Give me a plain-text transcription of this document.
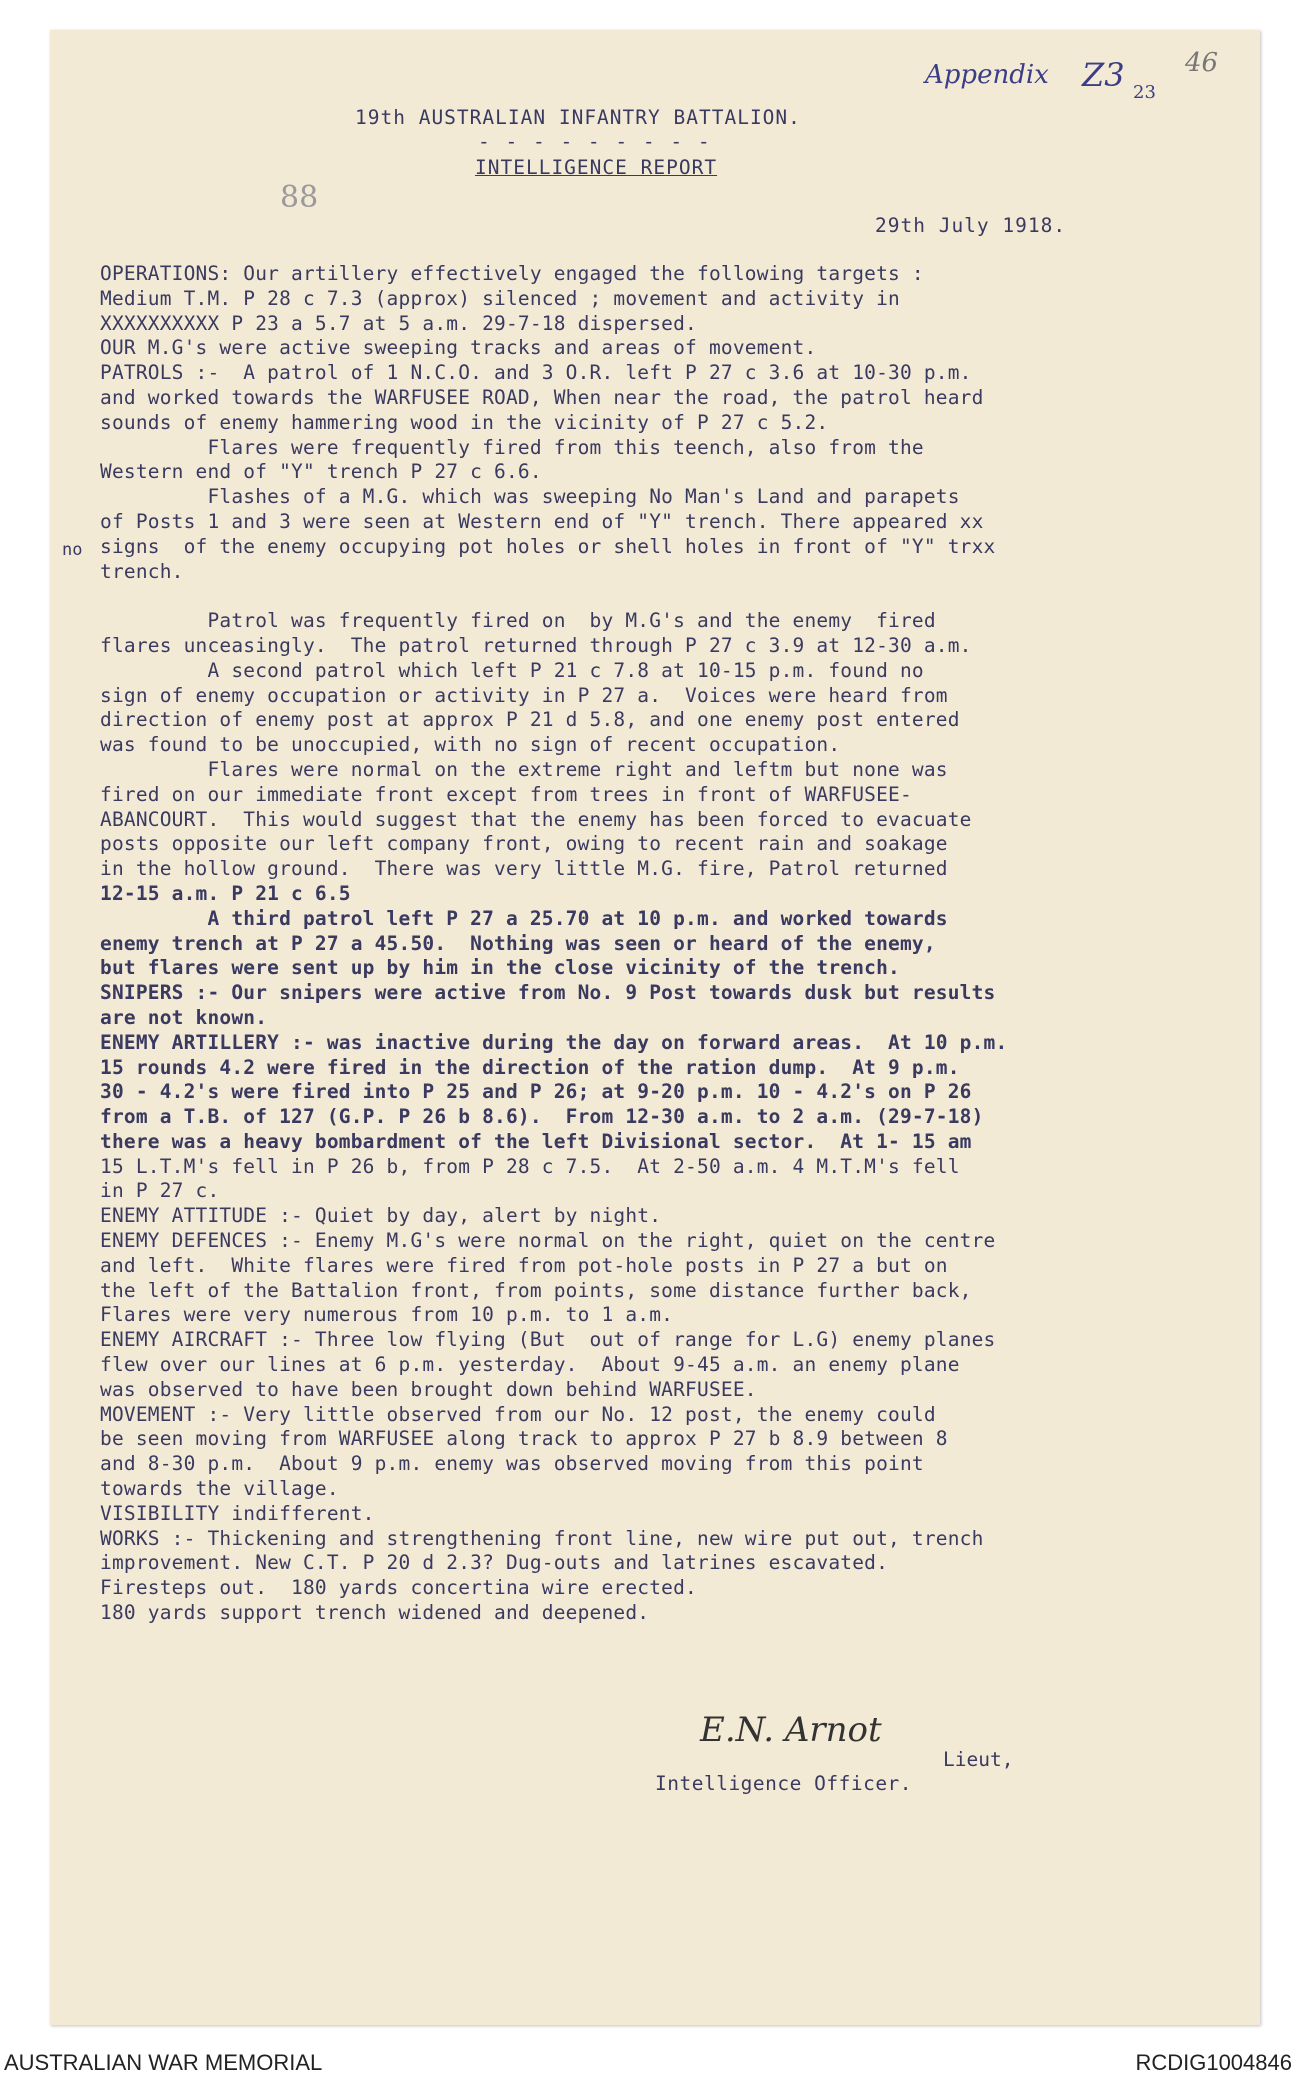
Appendix Z3 23
46
19th AUSTRALIAN INFANTRY BATTALION.
- - - - - - - - -
INTELLIGENCE REPORT
88
29th July 1918.
no
OPERATIONS: Our artillery effectively engaged the following targets :
Medium T.M. P 28 c 7.3 (approx) silenced ; movement and activity in
XXXXXXXXXX P 23 a 5.7 at 5 a.m. 29-7-18 dispersed.
OUR M.G's were active sweeping tracks and areas of movement.
PATROLS :-  A patrol of 1 N.C.O. and 3 O.R. left P 27 c 3.6 at 10-30 p.m.
and worked towards the WARFUSEE ROAD, When near the road, the patrol heard
sounds of enemy hammering wood in the vicinity of P 27 c 5.2.
Flares were frequently fired from this teench, also from the
Western end of "Y" trench P 27 c 6.6.
Flashes of a M.G. which was sweeping No Man's Land and parapets
of Posts 1 and 3 were seen at Western end of "Y" trench. There appeared xx
signs  of the enemy occupying pot holes or shell holes in front of "Y" trxx
trench.

Patrol was frequently fired on  by M.G's and the enemy  fired
flares unceasingly.  The patrol returned through P 27 c 3.9 at 12-30 a.m.
A second patrol which left P 21 c 7.8 at 10-15 p.m. found no
sign of enemy occupation or activity in P 27 a.  Voices were heard from
direction of enemy post at approx P 21 d 5.8, and one enemy post entered
was found to be unoccupied, with no sign of recent occupation.
Flares were normal on the extreme right and leftm but none was
fired on our immediate front except from trees in front of WARFUSEE-
ABANCOURT.  This would suggest that the enemy has been forced to evacuate
posts opposite our left company front, owing to recent rain and soakage
in the hollow ground.  There was very little M.G. fire, Patrol returned
12-15 a.m. P 21 c 6.5
A third patrol left P 27 a 25.70 at 10 p.m. and worked towards
enemy trench at P 27 a 45.50.  Nothing was seen or heard of the enemy,
but flares were sent up by him in the close vicinity of the trench.
SNIPERS :- Our snipers were active from No. 9 Post towards dusk but results
are not known.
ENEMY ARTILLERY :- was inactive during the day on forward areas.  At 10 p.m.
15 rounds 4.2 were fired in the direction of the ration dump.  At 9 p.m.
30 - 4.2's were fired into P 25 and P 26; at 9-20 p.m. 10 - 4.2's on P 26
from a T.B. of 127 (G.P. P 26 b 8.6).  From 12-30 a.m. to 2 a.m. (29-7-18)
there was a heavy bombardment of the left Divisional sector.  At 1- 15 am
15 L.T.M's fell in P 26 b, from P 28 c 7.5.  At 2-50 a.m. 4 M.T.M's fell
in P 27 c.
ENEMY ATTITUDE :- Quiet by day, alert by night.
ENEMY DEFENCES :- Enemy M.G's were normal on the right, quiet on the centre
and left.  White flares were fired from pot-hole posts in P 27 a but on
the left of the Battalion front, from points, some distance further back,
Flares were very numerous from 10 p.m. to 1 a.m.
ENEMY AIRCRAFT :- Three low flying (But  out of range for L.G) enemy planes
flew over our lines at 6 p.m. yesterday.  About 9-45 a.m. an enemy plane
was observed to have been brought down behind WARFUSEE.
MOVEMENT :- Very little observed from our No. 12 post, the enemy could
be seen moving from WARFUSEE along track to approx P 27 b 8.9 between 8
and 8-30 p.m.  About 9 p.m. enemy was observed moving from this point
towards the village.
VISIBILITY indifferent.
WORKS :- Thickening and strengthening front line, new wire put out, trench
improvement. New C.T. P 20 d 2.3? Dug-outs and latrines escavated.
Firesteps out.  180 yards concertina wire erected.
180 yards support trench widened and deepened.
E.N. Arnot
Lieut,
Intelligence Officer.
AUSTRALIAN WAR MEMORIAL	RCDIG1004846
